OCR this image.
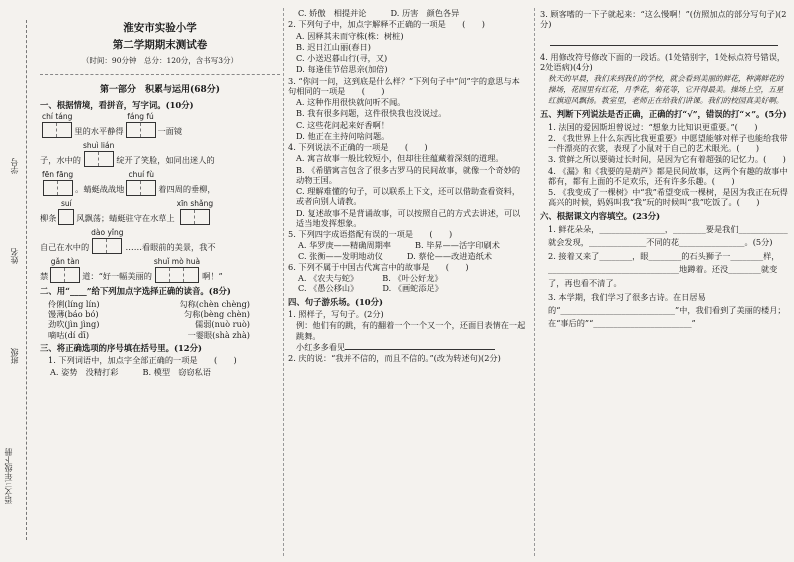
学号
姓名
班级
语文三年级下册
淮安市实验小学
第二学期期末测试卷
（时间：90分钟　总分：120分，含书写3分）
第一部分　积累与运用(68分)
一、根据情境，看拼音，写字词。(10分)
chí táng
里的水平静得
fáng fú
一面镜
子，水中的
shuì lián
绽开了笑脸，如同出迷人的
fēn fāng
。蜻蜓战战地
chuí fù
着四周的垂柳，
柳条
suí
风飘荡；蜻蜓驻守在水草上
xīn shǎng
自己在水中的
dào yǐng
……看眼前的美景，我不
禁
gǎn tàn
道：“好一幅美丽的
shuǐ mò huà
啊！”
二、用“____”给下列加点字选择正确的读音。(8分)
伶俐(líng lín)	勾称(chèn chèng)
馒薄(báo bó)	匀称(bèng chèn)
劲吹(jìn jìng)	儒弱(nuò ruò)
嘀咕(dí dī)	一霎眼(shà zhà)
三、将正确选项的序号填在括号里。(12分)
1. 下列词语中，加点字全部正确的一项是　　(　　)
A. 姿势　没精打彩	B. 模型　窃窃私语
C. 娇傲　相提并论	D. 历害　颜色各异
2. 下列句子中，加点字解释不正确的一项是　　(　　)
A. 因释其未而守株(株：树桩)
B. 迟日江山丽(春日)
C. 小送迟暮山行(寻，又)
D. 每逢佳节倍思亲(加倍)
3. “你问一问，这到底是什么样？”下列句子中“问”字的意思与本句相同的一项是　　(　　)
A. 这种作用很快就问听不闻。
B. 我有很多问题，这件很快我也没说过。
C. 这些花问起来好香啊！
D. 他正在主持问啥问题。
4. 下列说法不正确的一项是　　(　　)
A. 寓言故事一般比较短小，但却往往蕴藏着深刻的道理。
B. 《希腊寓言包含了很多古罗马的民间故事，就像一个奇妙的动物王国。
C. 理解难懂的句子，可以联系上下文，还可以借助查看资料，或者向别人请教。
D. 复述故事不是背诵故事，可以按照自己的方式去讲述，可以适当地发挥想象。
5. 下列四字成语搭配有误的一项是　　(　　)
A. 华罗庚——精确周期率	B. 毕昇——活字印刷术
C. 张衡——发明地动仪	D. 蔡伦——改进造纸术
6. 下列不属于中国古代寓言中的故事是　　(　　)
A. 《农夫与蛇》	B. 《叶公好龙》
C. 《愚公移山》	D. 《画蛇添足》
四、句子游乐场。(10分)
1. 照样子，写句子。(2分)
例：他们有的跳，有的翻着一个一个又一个，还面目表情在一起跳舞。
小红多多看见
2. 庆的说：“我并不信的，而且不信的。”(改为转述句)(2分)
3. 顾客嗜的一下子就起来：“这么慢啊！”(仿照加点的部分写句子)(2分)
4. 用修改符号修改下面的一段话。(1处错别字，1处标点符号错误，2处语病)(4分)
秋天的早晨，我们来到我们的学校，就会看到美丽的鲜花，种满鲜花的操场，花园里有红花，月季花，菊花等，它开得最美。操场上空，五星红旗迎风飘扬。教室里，老师正在给我们讲课。我们的校园真美好啊。
五、判断下列说法是否正确，正确的打“√”，错误的打“×”。(5分)
1. 法国的爱因斯坦曾说过：“想象力比知识更重要。”(　　)
2. 《我世界上什么东西比我更重要》中愿望能够对样子也能给我带一件漂亮的衣裳，表现了小鼠对于自己的艺术眼光。(　　)
3. 赏鲜之所以要骑过长时间，是因为它有着超强的记忆力。(　　)
4. 《漏》和《我要的是葫芦》都是民间故事，这两个有趣的故事中都有，都有上面的不足欢乐，还有许多乐趣。(　　)
5. 《我变成了一棵树》中“我”希望变成一棵树，是因为我正在玩得高兴的时候，妈妈叫我“我”玩的时候叫“我”吃饭了。(　　)
六、根据课文内容填空。(23分)
1. 鲜花朵朵，________________，________要是我们____________就会发现，______________不同的花________________。(5分)
2. 接着又来了________，眼________的石头狮子一________样，________________________________地蹲着。还没________就变了，再也看不清了。
3. 本学期，我们学习了很多古诗。在日居易的“____________________________”中，我们看到了美丽的楼月；在“事后的”“________________________”
